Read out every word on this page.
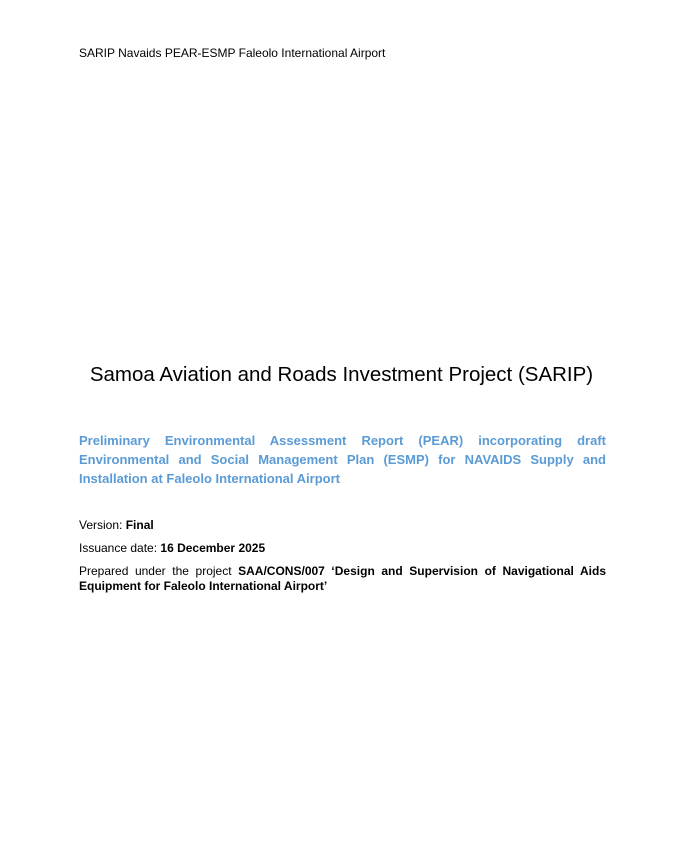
SARIP Navaids PEAR-ESMP Faleolo International Airport
Samoa Aviation and Roads Investment Project (SARIP)
Preliminary Environmental Assessment Report (PEAR) incorporating draft Environmental and Social Management Plan (ESMP) for NAVAIDS Supply and Installation at Faleolo International Airport
Version: Final
Issuance date: 16 December 2025
Prepared under the project SAA/CONS/007 ‘Design and Supervision of Navigational Aids Equipment for Faleolo International Airport’
